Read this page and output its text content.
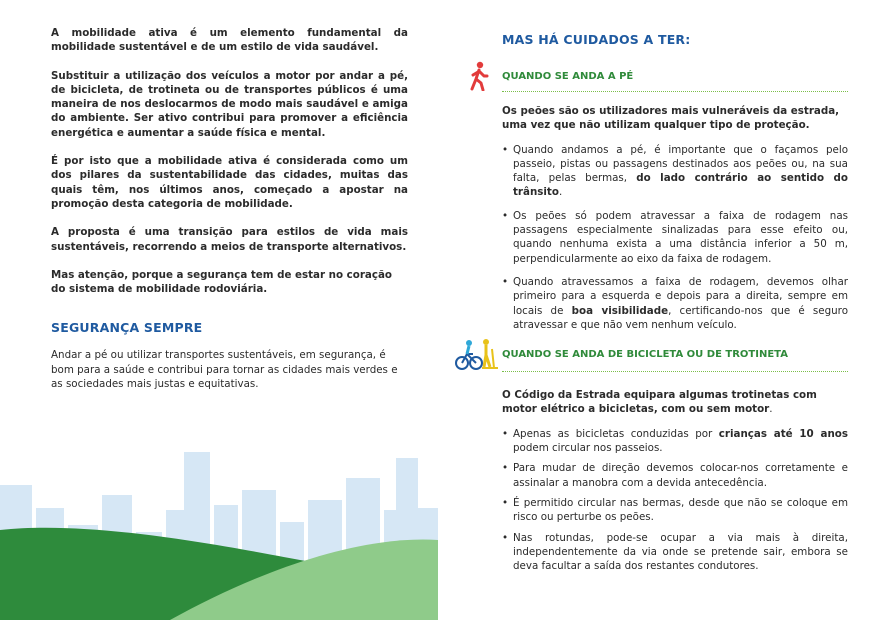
A mobilidade ativa é um elemento fundamental da mobilidade sustentável e de um estilo de vida saudável.

Substituir a utilização dos veículos a motor por andar a pé, de bicicleta, de trotineta ou de transportes públicos é uma maneira de nos deslocarmos de modo mais saudável e amiga do ambiente. Ser ativo contribui para promover a eficiência energética e aumentar a saúde física e mental.

É por isto que a mobilidade ativa é considerada como um dos pilares da sustentabilidade das cidades, muitas das quais têm, nos últimos anos, começado a apostar na promoção desta categoria de mobilidade.

A proposta é uma transição para estilos de vida mais sustentáveis, recorrendo a meios de transporte alternativos.

Mas atenção, porque a segurança tem de estar no coração do sistema de mobilidade rodoviária.

SEGURANÇA SEMPRE

Andar a pé ou utilizar transportes sustentáveis, em segurança, é bom para a saúde e contribui para tornar as cidades mais verdes e as sociedades mais justas e equitativas.

MAS HÁ CUIDADOS A TER:
QUANDO SE ANDA A PÉ

Os peões são os utilizadores mais vulneráveis da estrada, uma vez que não utilizam qualquer tipo de proteção.

• Quando andamos a pé, é importante que o façamos pelo passeio, pistas ou passagens destinados aos peões ou, na sua falta, pelas bermas, do lado contrário ao sentido do trânsito.
• Os peões só podem atravessar a faixa de rodagem nas passagens especialmente sinalizadas para esse efeito ou, quando nenhuma exista a uma distância inferior a 50 m, perpendicularmente ao eixo da faixa de rodagem.
• Quando atravessamos a faixa de rodagem, devemos olhar primeiro para a esquerda e depois para a direita, sempre em locais de boa visibilidade, certificando-nos que é seguro atravessar e que não vem nenhum veículo.
QUANDO SE ANDA DE BICICLETA OU DE TROTINETA

O Código da Estrada equipara algumas trotinetas com motor elétrico a bicicletas, com ou sem motor.

• Apenas as bicicletas conduzidas por crianças até 10 anos podem circular nos passeios.
• Para mudar de direção devemos colocar-nos corretamente e assinalar a manobra com a devida antecedência.
• É permitido circular nas bermas, desde que não se coloque em risco ou perturbe os peões.
• Nas rotundas, pode-se ocupar a via mais à direita, independentemente da via onde se pretende sair, embora se deva facultar a saída dos restantes condutores.
